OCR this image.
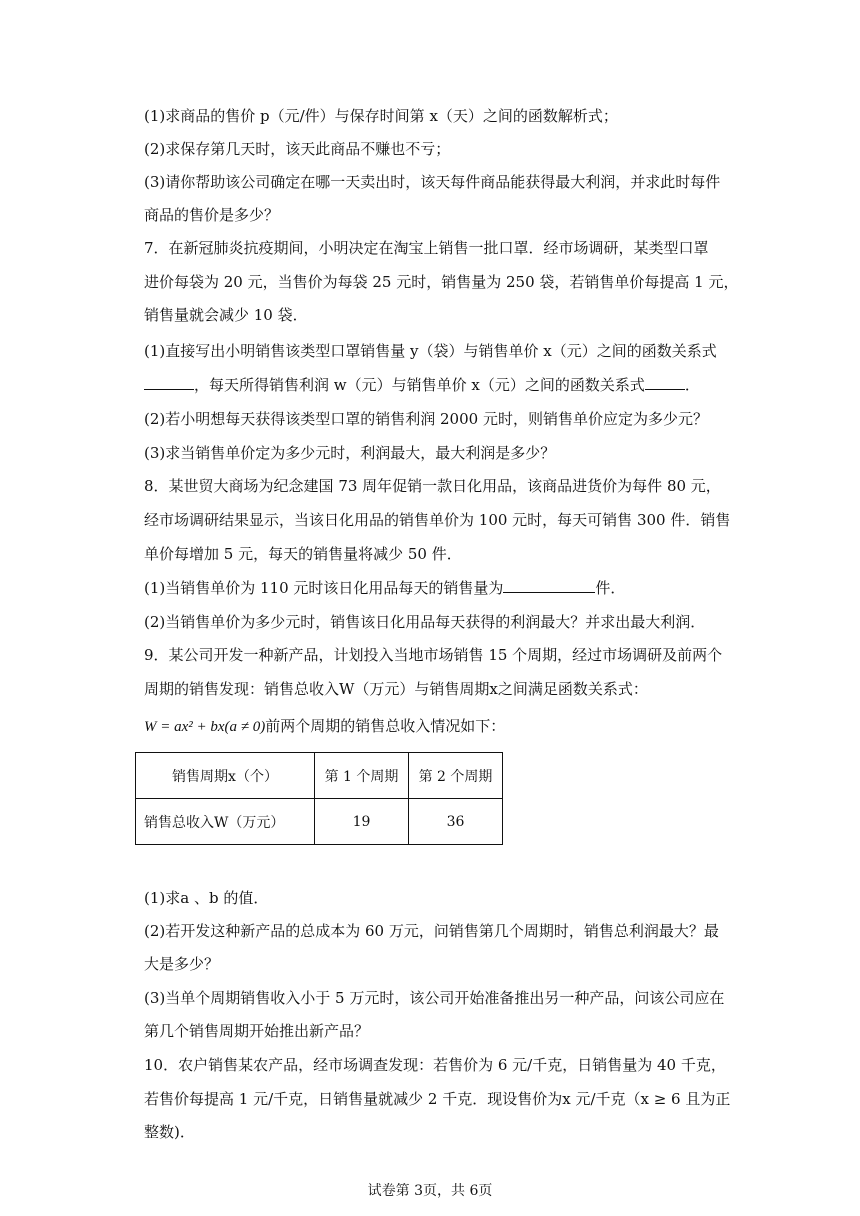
(1)求商品的售价 p（元/件）与保存时间第 x（天）之间的函数解析式；
(2)求保存第几天时，该天此商品不赚也不亏；
(3)请你帮助该公司确定在哪一天卖出时，该天每件商品能获得最大利润，并求此时每件
商品的售价是多少？
7．在新冠肺炎抗疫期间，小明决定在淘宝上销售一批口罩．经市场调研，某类型口罩
进价每袋为 20 元，当售价为每袋 25 元时，销售量为 250 袋，若销售单价每提高 1 元，
销售量就会减少 10 袋．
(1)直接写出小明销售该类型口罩销售量 y（袋）与销售单价 x（元）之间的函数关系式
，每天所得销售利润 w（元）与销售单价 x（元）之间的函数关系式	．
(2)若小明想每天获得该类型口罩的销售利润 2000 元时，则销售单价应定为多少元？
(3)求当销售单价定为多少元时，利润最大，最大利润是多少？
8．某世贸大商场为纪念建国 73 周年促销一款日化用品，该商品进货价为每件 80 元，
经市场调研结果显示，当该日化用品的销售单价为 100 元时，每天可销售 300 件．销售
单价每增加 5 元，每天的销售量将减少 50 件．
(1)当销售单价为 110 元时该日化用品每天的销售量为	件．
(2)当销售单价为多少元时，销售该日化用品每天获得的利润最大？并求出最大利润．
9．某公司开发一种新产品，计划投入当地市场销售 15 个周期，经过市场调研及前两个
周期的销售发现：销售总收入W（万元）与销售周期x之间满足函数关系式：
W = ax² + bx(a ≠ 0)前两个周期的销售总收入情况如下：
销售周期x（个）	第 1 个周期	第 2 个周期
销售总收入W（万元）	19	36
(1)求a 、b 的值．
(2)若开发这种新产品的总成本为 60 万元，问销售第几个周期时，销售总利润最大？最
大是多少？
(3)当单个周期销售收入小于 5 万元时，该公司开始准备推出另一种产品，问该公司应在
第几个销售周期开始推出新产品？
10．农户销售某农产品，经市场调查发现：若售价为 6 元/千克，日销售量为 40 千克，
若售价每提高 1 元/千克，日销售量就减少 2 千克．现设售价为x 元/千克（x ≥ 6 且为正
整数)．
试卷第 3页，共 6页
